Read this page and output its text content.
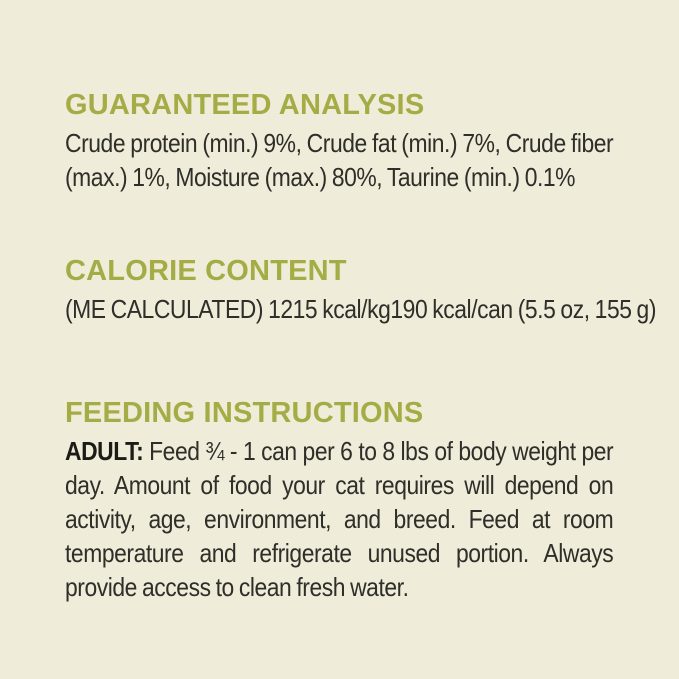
GUARANTEED ANALYSIS

Crude protein (min.) 9%, Crude fat (min.) 7%, Crude fiber (max.) 1%, Moisture (max.) 80%, Taurine (min.) 0.1%

CALORIE CONTENT

(ME CALCULATED) 1215 kcal/kg190 kcal/can (5.5 oz, 155 g)

FEEDING INSTRUCTIONS

ADULT: Feed ¾ - 1 can per 6 to 8 lbs of body weight per day. Amount of food your cat requires will depend on activity, age, environment, and breed. Feed at room temperature and refrigerate unused portion. Always provide access to clean fresh water.
